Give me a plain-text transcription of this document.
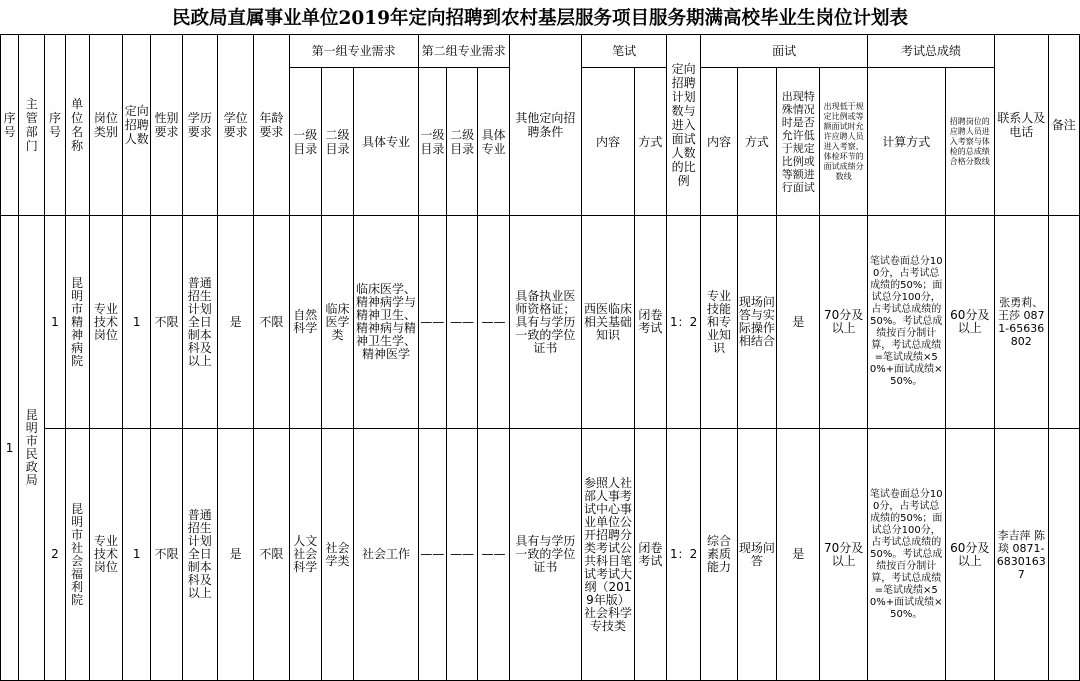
民政局直属事业单位2019年定向招聘到农村基层服务项目服务期满高校毕业生岗位计划表
序号	主管部门	序号	单位名称	岗位类别	定向招聘人数	性别要求	学历要求	学位要求	年龄要求	第一组专业需求			第二组专业需求			其他定向招聘条件	笔试		定向招聘计划数与进入面试人数的比例	面试				考试总成绩		联系人及电话	备注
										一级目录	二级目录	具体专业	一级目录	二级目录	具体专业		内容	方式		内容	方式	出现特殊情况时是否允许低于规定比例或等额进行面试	出现低于规定比例或等额面试时允许应聘人员进入考察、体检环节的面试成绩分数线	计算方式	招聘岗位的应聘人员进入考察与体检的总成绩合格分数线		

1	昆明市民政局	1	昆明市精神病院	专业技术岗位	1	不限	普通招生计划全日制本科及以上	是	不限	自然科学	临床医学类	临床医学、精神病学与精神卫生、精神病与精神卫生学、精神医学	——	——	——	具备执业医师资格证；具有与学历一致的学位证书	西医临床相关基础知识	闭卷考试	1：2	专业技能和专业知识	现场问答与实际操作相结合	是	70分及以上	笔试卷面总分100分，占考试总成绩的50%；面试总分100分，占考试总成绩的50%。考试总成绩按百分制计算，考试总成绩=笔试成绩×50%+面试成绩×50%。	60分及以上	张勇莉、王莎 0871-65636802	
		2	昆明市社会福利院	专业技术岗位	1	不限	普通招生计划全日制本科及以上	是	不限	人文社会科学	社会学类	社会工作	——	——	——	具有与学历一致的学位证书	参照人社部人事考试中心事业单位公开招聘分类考试公共科目笔试考试大纲（2019年版）社会科学专技类	闭卷考试	1：2	综合素质能力	现场问答	是	70分及以上	笔试卷面总分100分，占考试总成绩的50%；面试总分100分，占考试总成绩的50%。考试总成绩按百分制计算，考试总成绩=笔试成绩×50%+面试成绩×50%。	60分及以上	李吉萍 陈琰 0871-68301637	
